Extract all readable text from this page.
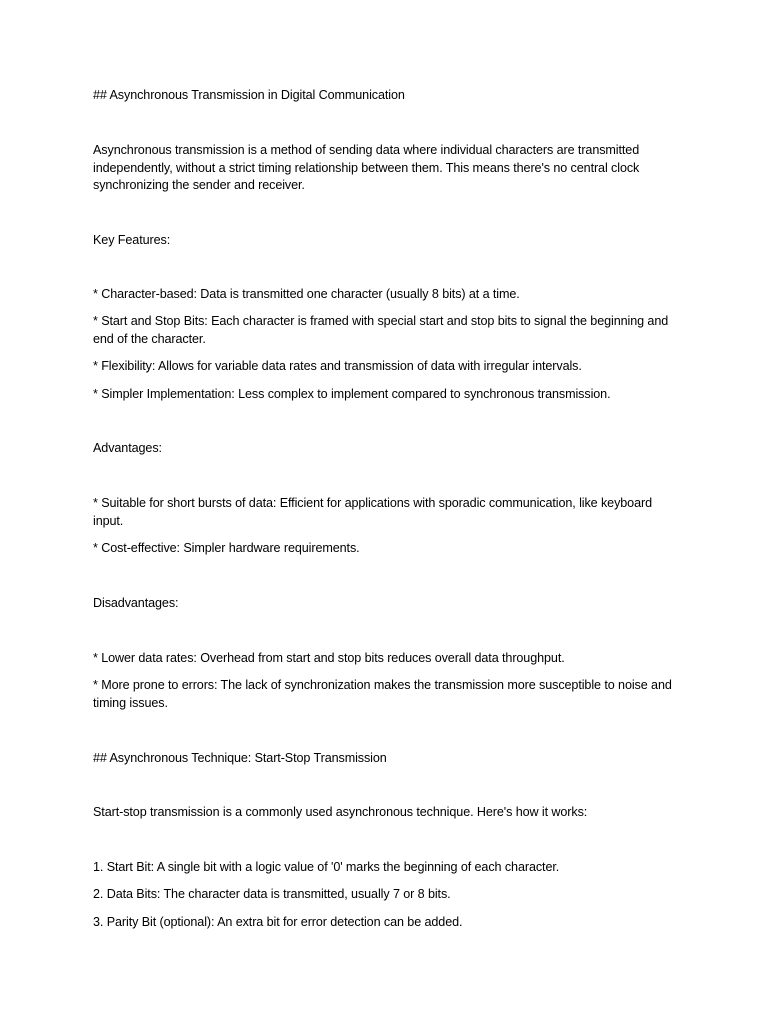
## Asynchronous Transmission in Digital Communication

Asynchronous transmission is a method of sending data where individual characters are transmitted independently, without a strict timing relationship between them. This means there's no central clock synchronizing the sender and receiver.

Key Features:

* Character-based: Data is transmitted one character (usually 8 bits) at a time.

* Start and Stop Bits: Each character is framed with special start and stop bits to signal the beginning and end of the character.

* Flexibility: Allows for variable data rates and transmission of data with irregular intervals.

* Simpler Implementation: Less complex to implement compared to synchronous transmission.

Advantages:

* Suitable for short bursts of data: Efficient for applications with sporadic communication, like keyboard input.

* Cost-effective: Simpler hardware requirements.

Disadvantages:

* Lower data rates: Overhead from start and stop bits reduces overall data throughput.

* More prone to errors: The lack of synchronization makes the transmission more susceptible to noise and timing issues.

## Asynchronous Technique: Start-Stop Transmission

Start-stop transmission is a commonly used asynchronous technique. Here's how it works:

1. Start Bit: A single bit with a logic value of '0' marks the beginning of each character.

2. Data Bits: The character data is transmitted, usually 7 or 8 bits.

3. Parity Bit (optional): An extra bit for error detection can be added.
